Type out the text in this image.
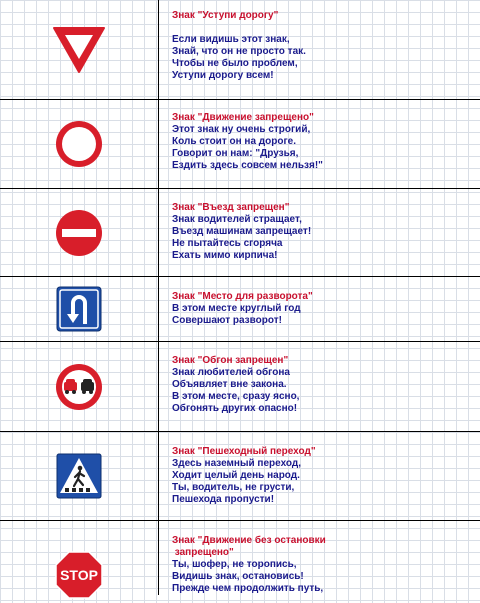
Знак "Уступи дорогу"
Если видишь этот знак,
Знай, что он не просто так.
Чтобы не было проблем,
Уступи дорогу всем!
Знак "Движение запрещено"
Этот знак ну очень строгий,
Коль стоит он на дороге.
Говорит он нам: "Друзья,
Ездить здесь совсем нельзя!"
Знак "Въезд запрещен"
Знак водителей стращает,
Въезд машинам запрещает!
Не пытайтесь сгоряча
Ехать мимо кирпича!
Знак "Место для разворота"
В этом месте круглый год
Совершают разворот!
Знак "Обгон запрещен"
Знак любителей обгона
Объявляет вне закона.
В этом месте, сразу ясно,
Обгонять других опасно!
Знак "Пешеходный переход"
Здесь наземный переход,
Ходит целый день народ.
Ты, водитель, не грусти,
Пешехода пропусти!
STOP
Знак "Движение без остановки
запрещено"
Ты, шофер, не торопись,
Видишь знак, остановись!
Прежде чем продолжить путь,
